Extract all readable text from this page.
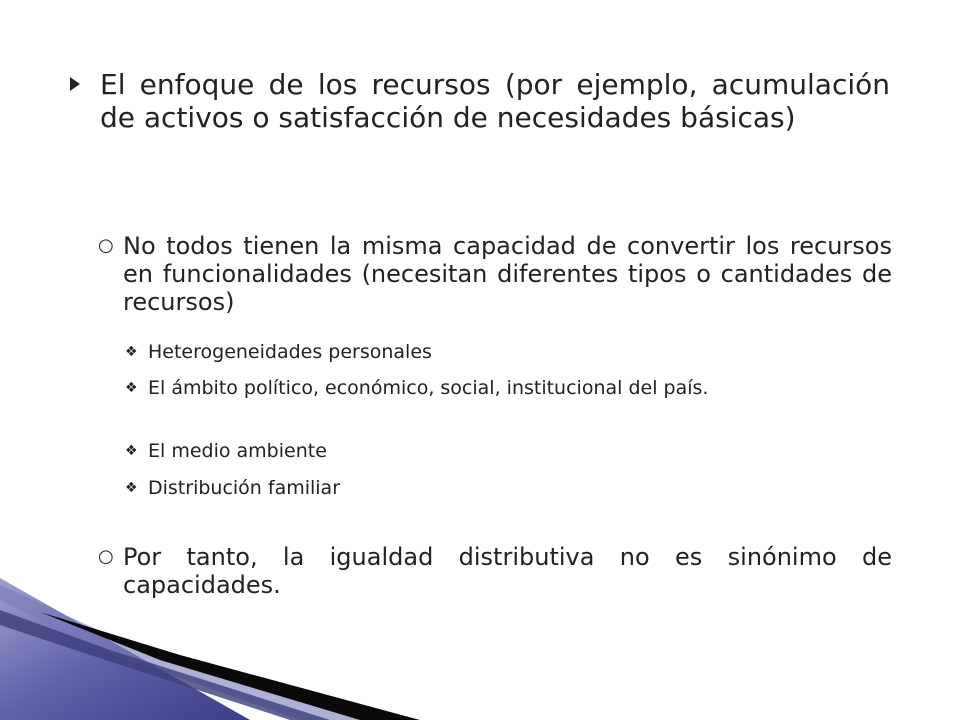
El enfoque de los recursos (por ejemplo, acumulación de activos o satisfacción de necesidades básicas)
○ No todos tienen la misma capacidad de convertir los recursos en funcionalidades (necesitan diferentes tipos o cantidades de recursos)
❖ Heterogeneidades personales
❖ El ámbito político, económico, social, institucional del país.
❖ El medio ambiente
❖ Distribución familiar
○ Por tanto, la igualdad distributiva no es sinónimo de capacidades.
